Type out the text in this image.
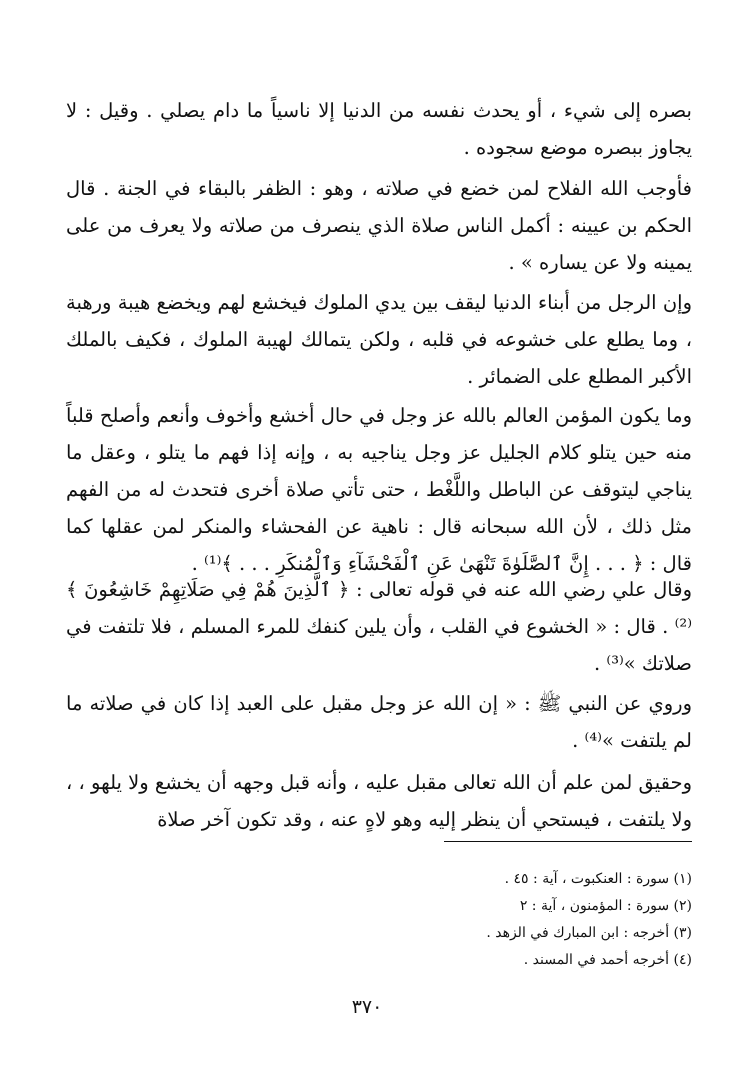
بصره إلى شيء ، أو يحدث نفسه من الدنيا إلا ناسياً ما دام يصلي . وقيل : لا يجاوز ببصره موضع سجوده .

فأوجب الله الفلاح لمن خضع في صلاته ، وهو : الظفر بالبقاء في الجنة . قال الحكم بن عيينه : أكمل الناس صلاة الذي ينصرف من صلاته ولا يعرف من على يمينه ولا عن يساره » .

وإن الرجل من أبناء الدنيا ليقف بين يدي الملوك فيخشع لهم ويخضع هيبة ورهبة ، وما يطلع على خشوعه في قلبه ، ولكن يتمالك لهيبة الملوك ، فكيف بالملك الأكبر المطلع على الضمائر .

وما يكون المؤمن العالم بالله عز وجل في حال أخشع وأخوف وأنعم وأصلح قلباً منه حين يتلو كلام الجليل عز وجل يناجيه به ، وإنه إذا فهم ما يتلو ، وعقل ما يناجي ليتوقف عن الباطل واللَّغْط ، حتى تأتي صلاة أخرى فتحدث له من الفهم مثل ذلك ، لأن الله سبحانه قال : ناهية عن الفحشاء والمنكر لمن عقلها كما قال : ﴿ . . . إِنَّ ٱلصَّلَوٰةَ تَنْهَىٰ عَنِ ٱلْفَحْشَآءِ وَٱلْمُنكَرِ . . . ﴾⁽¹⁾ .

وقال علي رضي الله عنه في قوله تعالى : ﴿ ٱلَّذِينَ هُمْ فِي صَلَاتِهِمْ خَاشِعُونَ ﴾⁽²⁾ . قال : « الخشوع في القلب ، وأن يلين كنفك للمرء المسلم ، فلا تلتفت في صلاتك »⁽³⁾ .

وروي عن النبي ﷺ : « إن الله عز وجل مقبل على العبد إذا كان في صلاته ما لم يلتفت »⁽⁴⁾ .

وحقيق لمن علم أن الله تعالى مقبل عليه ، وأنه قبل وجهه أن يخشع ولا يلهو ، ، ولا يلتفت ، فيستحي أن ينظر إليه وهو لاهٍ عنه ، وقد تكون آخر صلاة

(١) سورة : العنكبوت ، آية : ٤٥ .
(٢) سورة : المؤمنون ، آية : ٢
(٣) أخرجه : ابن المبارك في الزهد .
(٤) أخرجه أحمد في المسند .
٣٧٠
